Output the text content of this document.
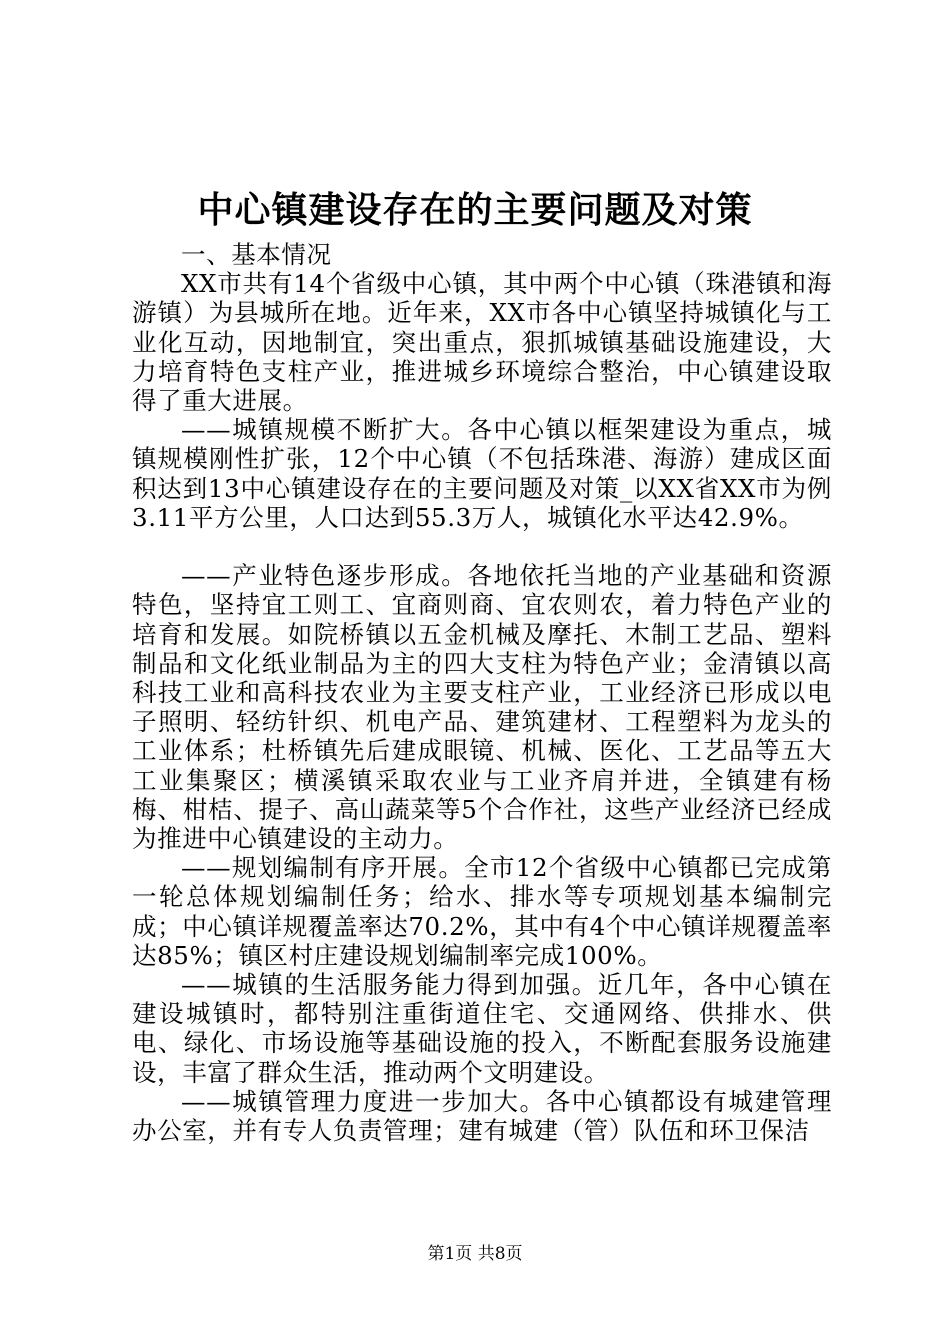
中心镇建设存在的主要问题及对策

一、基本情况

XX市共有14个省级中心镇，其中两个中心镇（珠港镇和海游镇）为县城所在地。近年来，XX市各中心镇坚持城镇化与工业化互动，因地制宜，突出重点，狠抓城镇基础设施建设，大力培育特色支柱产业，推进城乡环境综合整治，中心镇建设取得了重大进展。

——城镇规模不断扩大。各中心镇以框架建设为重点，城镇规模刚性扩张，12个中心镇（不包括珠港、海游）建成区面积达到13中心镇建设存在的主要问题及对策_以XX省XX市为例3.11平方公里，人口达到55.3万人，城镇化水平达42.9%。

——产业特色逐步形成。各地依托当地的产业基础和资源特色，坚持宜工则工、宜商则商、宜农则农，着力特色产业的培育和发展。如院桥镇以五金机械及摩托、木制工艺品、塑料制品和文化纸业制品为主的四大支柱为特色产业；金清镇以高科技工业和高科技农业为主要支柱产业，工业经济已形成以电子照明、轻纺针织、机电产品、建筑建材、工程塑料为龙头的工业体系；杜桥镇先后建成眼镜、机械、医化、工艺品等五大工业集聚区；横溪镇采取农业与工业齐肩并进，全镇建有杨梅、柑桔、提子、高山蔬菜等5个合作社，这些产业经济已经成为推进中心镇建设的主动力。

——规划编制有序开展。全市12个省级中心镇都已完成第一轮总体规划编制任务；给水、排水等专项规划基本编制完成；中心镇详规覆盖率达70.2%，其中有4个中心镇详规覆盖率达85%；镇区村庄建设规划编制率完成100%。

——城镇的生活服务能力得到加强。近几年，各中心镇在建设城镇时，都特别注重街道住宅、交通网络、供排水、供电、绿化、市场设施等基础设施的投入，不断配套服务设施建设，丰富了群众生活，推动两个文明建设。

——城镇管理力度进一步加大。各中心镇都设有城建管理办公室，并有专人负责管理；建有城建（管）队伍和环卫保洁

第1页 共8页
